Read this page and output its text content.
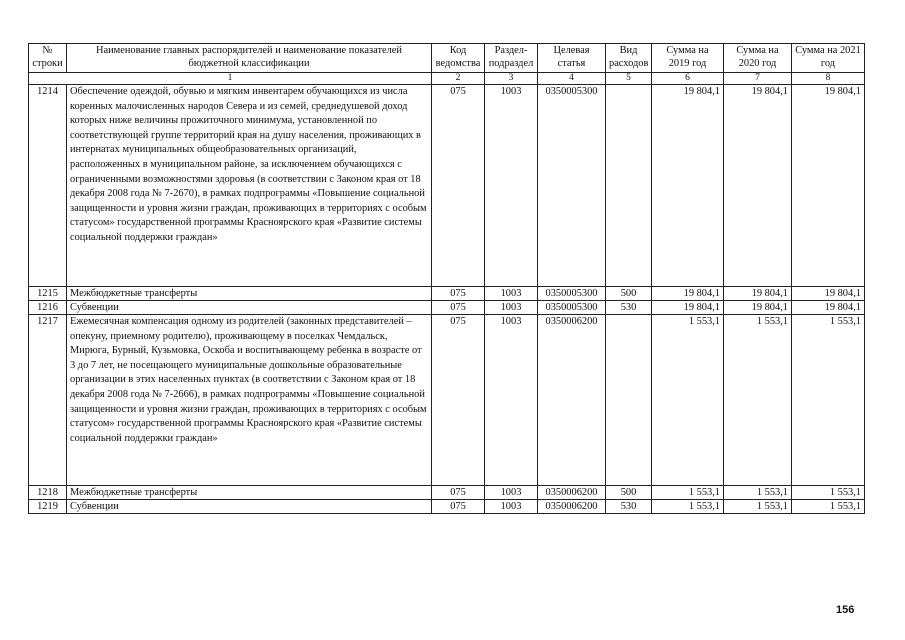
№ строки	Наименование главных распорядителей и наименование показателей бюджетной классификации	Код ведомства	Раздел-подраздел	Целевая статья	Вид расходов	Сумма на 2019 год	Сумма на 2020 год	Сумма на 2021 год
1		2	3	4	5	6	7	8
1214	Обеспечение одеждой, обувью и мягким инвентарем обучающихся из числа коренных малочисленных народов Севера и из семей, среднедушевой доход которых ниже величины прожиточного минимума, установленной по соответствующей группе территорий края на душу населения, проживающих в интернатах муниципальных общеобразовательных организаций, расположенных в муниципальном районе, за исключением обучающихся с ограниченными возможностями здоровья (в соответствии с Законом края от 18 декабря 2008 года № 7-2670), в рамках подпрограммы «Повышение социальной защищенности и уровня жизни граждан, проживающих в территориях с особым статусом» государственной программы Красноярского края «Развитие системы социальной поддержки граждан»	075	1003	0350005300		19 804,1	19 804,1	19 804,1
1215	Межбюджетные трансферты	075	1003	0350005300	500	19 804,1	19 804,1	19 804,1
1216	Субвенции	075	1003	0350005300	530	19 804,1	19 804,1	19 804,1
1217	Ежемесячная компенсация одному из родителей (законных представителей – опекуну, приемному родителю), проживающему в поселках Чемдальск, Мирюга, Бурный, Кузьмовка, Оскоба и воспитывающему ребенка в возрасте от 3 до 7 лет, не посещающего муниципальные дошкольные образовательные организации в этих населенных пунктах (в соответствии с Законом края от 18 декабря 2008 года № 7-2666), в рамках подпрограммы «Повышение социальной защищенности и уровня жизни граждан, проживающих в территориях с особым статусом» государственной программы Красноярского края «Развитие системы социальной поддержки граждан»	075	1003	0350006200		1 553,1	1 553,1	1 553,1
1218	Межбюджетные трансферты	075	1003	0350006200	500	1 553,1	1 553,1	1 553,1
1219	Субвенции	075	1003	0350006200	530	1 553,1	1 553,1	1 553,1
156
